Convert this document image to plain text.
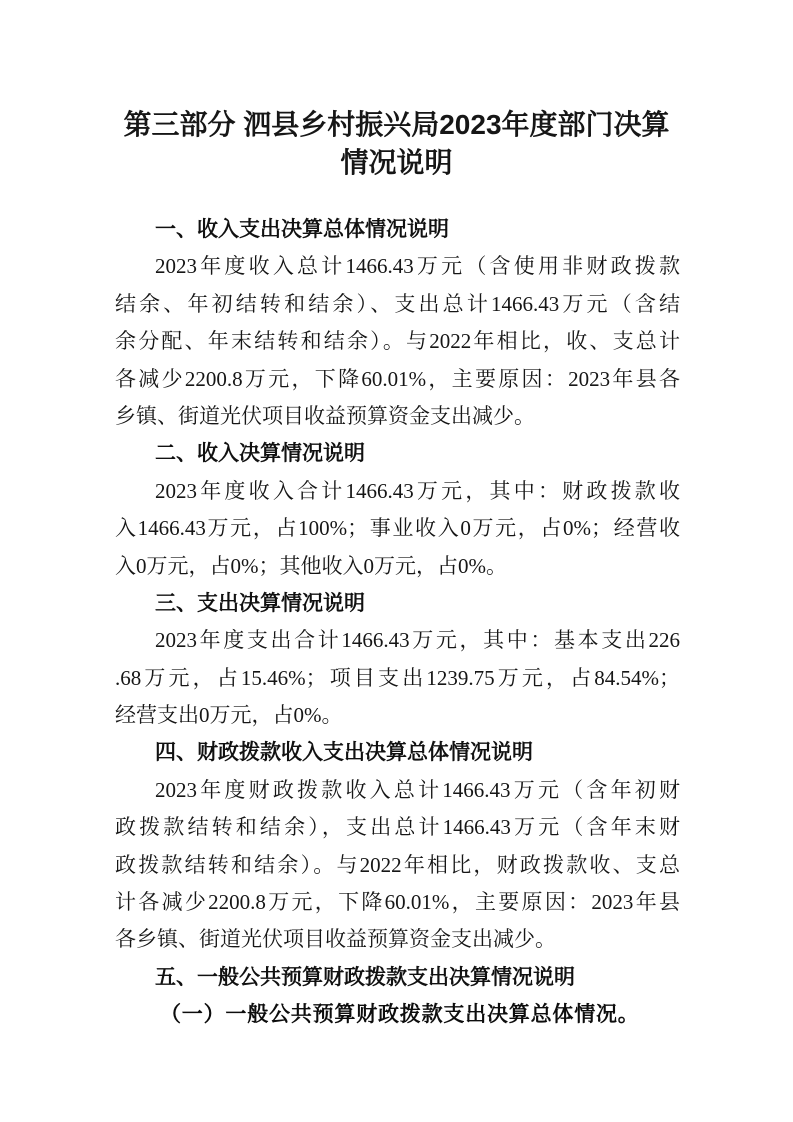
第三部分 泗县乡村振兴局2023年度部门决算
情况说明
一、收入支出决算总体情况说明
2023年度收入总计1466.43万元（含使用非财政拨款
结余、年初结转和结余）、支出总计1466.43万元（含结
余分配、年末结转和结余）。与2022年相比，收、支总计
各减少2200.8万元，下降60.01%，主要原因：2023年县各
乡镇、街道光伏项目收益预算资金支出减少。
二、收入决算情况说明
2023年度收入合计1466.43万元，其中：财政拨款收
入1466.43万元，占100%；事业收入0万元，占0%；经营收
入0万元，占0%；其他收入0万元，占0%。
三、支出决算情况说明
2023年度支出合计1466.43万元，其中：基本支出226
.68万元，占15.46%；项目支出1239.75万元，占84.54%；
经营支出0万元，占0%。
四、财政拨款收入支出决算总体情况说明
2023年度财政拨款收入总计1466.43万元（含年初财
政拨款结转和结余），支出总计1466.43万元（含年末财
政拨款结转和结余）。与2022年相比，财政拨款收、支总
计各减少2200.8万元，下降60.01%，主要原因：2023年县
各乡镇、街道光伏项目收益预算资金支出减少。
五、一般公共预算财政拨款支出决算情况说明
（一）一般公共预算财政拨款支出决算总体情况。
